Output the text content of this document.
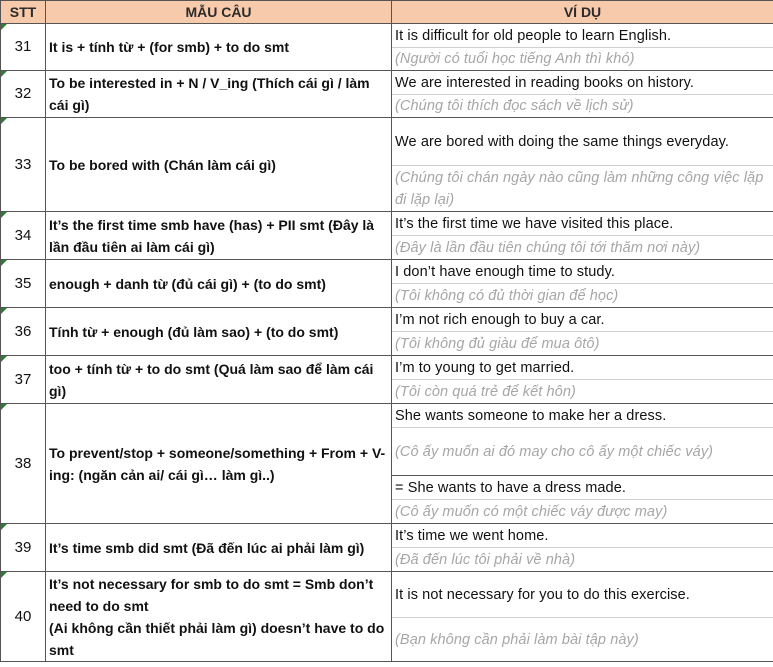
STT	MẪU CÂU	VÍ DỤ
31	It is + tính từ + (for smb) + to do smt	It is difficult for old people to learn English.
		(Người có tuổi học tiếng Anh thì khó)
32	To be interested in + N / V_ing (Thích cái gì / làm cái gì)	We are interested in reading books on history.
		(Chúng tôi thích đọc sách về lịch sử)
33	To be bored with (Chán làm cái gì)	We are bored with doing the same things everyday.
		(Chúng tôi chán ngày nào cũng làm những công việc lặp đi lặp lại)
34	It’s the first time smb have (has) + PII smt (Đây là lần đầu tiên ai làm cái gì)	It’s the first time we have visited this place.
		(Đây là lần đầu tiên chúng tôi tới thăm nơi này)
35	enough + danh từ (đủ cái gì) + (to do smt)	I don’t have enough time to study.
		(Tôi không có đủ thời gian để học)
36	Tính từ + enough (đủ làm sao) + (to do smt)	I’m not rich enough to buy a car.
		(Tôi không đủ giàu để mua ôtô)
37	too + tính từ + to do smt (Quá làm sao để làm cái gì)	I’m to young to get married.
		(Tôi còn quá trẻ để kết hôn)
38	To prevent/stop + someone/something + From + V-ing: (ngăn cản ai/ cái gì… làm gì..)	She wants someone to make her a dress.
		(Cô ấy muốn ai đó may cho cô ấy một chiếc váy)
		= She wants to have a dress made.
		(Cô ấy muốn có một chiếc váy được may)
39	It’s time smb did smt (Đã đến lúc ai phải làm gì)	It’s time we went home.
		(Đã đến lúc tôi phải về nhà)
40	It’s not necessary for smb to do smt = Smb don’t need to do smt
(Ai không cần thiết phải làm gì) doesn’t have to do smt	It is not necessary for you to do this exercise.
		(Bạn không cần phải làm bài tập này)
